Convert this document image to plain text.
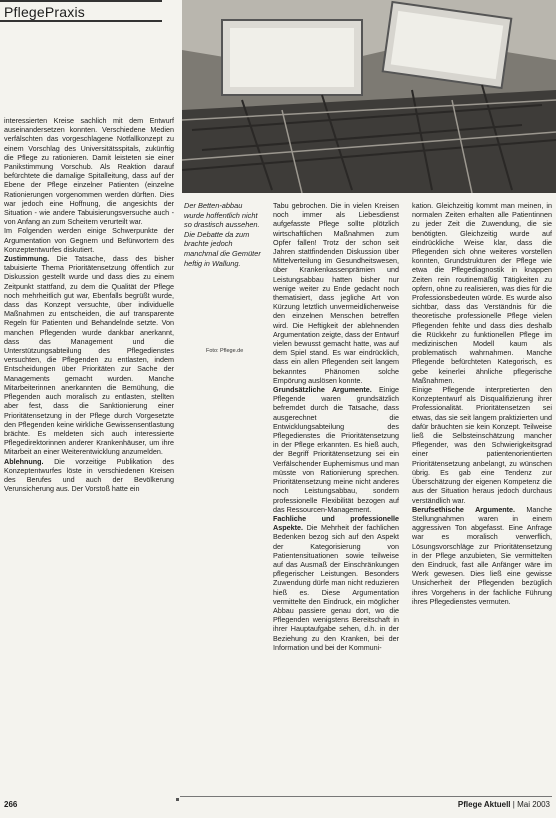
PflegePraxis
Der Betten-abbau wurde hoffentlich nicht so drastisch aussehen. Die Debatte da zum brachte jedoch manchmal die Gemüter heftig in Wallung.
Foto: Pflege.de

interessierten Kreise sachlich mit dem Entwurf auseinandersetzen konnten. Verschiedene Medien verfälschten das vorgeschlagene Notfallkonzept zu einem Vorschlag des Universitätsspitals, zukünftig die Pflege zu rationieren. Damit leisteten sie einer Panikstimmung Vorschub. Als Reaktion darauf befürchtete die damalige Spitalleitung, dass auf der Ebene der Pflege einzelner Patienten (einzelne Rationierungen vorgenommen werden dürften. Dies war jedoch eine Hoffnung, die angesichts der Situation - wie andere Tabuisierungsversuche auch - von Anfang an zum Scheitern verurteilt war.

Im Folgenden werden einige Schwerpunkte der Argumentation von Gegnern und Befürwortern des Konzeptentwurfes diskutiert.

Zustimmung. Die Tatsache, dass des bisher tabuisierte Thema Prioritätensetzung öffentlich zur Diskussion gestellt wurde und dass dies zu einem Zeitpunkt stattfand, zu dem die Qualität der Pflege noch mehrheitlich gut war, Ebenfalls begrüßt wurde, dass das Konzept versuchte, über individuelle Maßnahmen zu entscheiden, die auf transparente Regeln für Patienten und Behandelnde setzte. Von manchen Pflegenden wurde dankbar anerkannt, dass das Management und die Unterstützungsabteilung des Pflegedienstes versuchten, die Pflegenden zu entlasten, indem Entscheidungen über Prioritäten zur Sache der Managements gemacht wurden. Manche Mitarbeiterinnen anerkannten die Bemühung, die Pflegenden auch moralisch zu entlasten, stellten aber fest, dass die Sanktionierung einer Prioritätensetzung in der Pflege durch Vorgesetzte den Pflegenden keine wirkliche Gewissensentlastung brächte. Es meldeten sich auch interessierte Pflegedirektorinnen anderer Krankenhäuser, um ihre Mitarbeit an einer Weiterentwicklung anzumelden.

Ablehnung. Die vorzeitige Publikation des Konzeptentwurfes löste in verschiedenen Kreisen des Berufes und auch der Bevölkerung Verunsicherung aus. Der Vorstoß hatte ein

Tabu gebrochen. Die in vielen Kreisen noch immer als Liebesdienst aufgefasste Pflege sollte plötzlich wirtschaftlichen Maßnahmen zum Opfer fallen! Trotz der schon seit Jahren stattfindenden Diskussion über Mittelverteilung im Gesundheitswesen, über Krankenkassenprämien und Leistungsabbau hatten bisher nur wenige weiter zu Ende gedacht noch thematisiert, dass jegliche Art von Kürzung letztlich unvermeidlicherweise den einzelnen Menschen betreffen wird. Die Heftigkeit der ablehnenden Argumentation zeigte, dass der Entwurf vielen bewusst gemacht hatte, was auf dem Spiel stand. Es war eindrücklich, dass ein allen Pflegenden seit langem bekanntes Phänomen solche Empörung auslösen konnte.

Grundsätzliche Argumente. Einige Pflegende waren grundsätzlich befremdet durch die Tatsache, dass ausgerechnet die Entwicklungsabteilung des Pflegedienstes die Prioritätensetzung in der Pflege erkannten. Es hieß auch, der Begriff Prioritätensetzung sei ein Verfälschender Euphemismus und man müsste von Rationierung sprechen. Prioritätensetzung meine nicht anderes noch Leistungsabbau, sondern professionelle Flexibilität bezogen auf das Ressourcen-Management.

Fachliche und professionelle Aspekte. Die Mehrheit der fachlichen Bedenken bezog sich auf den Aspekt der Kategorisierung von Patientensituationen sowie teilweise auf das Ausmaß der Einschränkungen pflegerischer Leistungen. Besonders Zuwendung dürfe man nicht reduzieren hieß es. Diese Argumentation vermittelte den Eindruck, ein möglicher Abbau passiere genau dort, wo die Pflegenden wenigstens Bereitschaft in ihrer Hauptaufgabe sehen, d.h. in der Beziehung zu den Kranken, bei der Information und bei der Kommuni-

kation. Gleichzeitig kommt man meinen, in normalen Zeiten erhalten alle Patientinnen zu jeder Zeit die Zuwendung, die sie benötigten. Gleichzeitig wurde auf eindrückliche Weise klar, dass die Pflegenden sich ohne weiteres vorstellen konnten, Grundstrukturen der Pflege wie etwa die Pflegediagnostik in knappen Zeiten rein routinemäßig Tätigkeiten zu opfern, ohne zu realisieren, was dies für die Professionsbedeuten würde. Es wurde also sichtbar, dass das Verständnis für die theoretische professionelle Pflege vielen Pflegenden fehlte und dass dies deshalb die Rückkehr zu funktionellen Pflege im medizinischen Modell kaum als problematisch wahrnahmen. Manche Pflegende befürchteten Kategorisch, es gebe keinerlei ähnliche pflegerische Maßnahmen.

Einige Pflegende interpretierten den Konzeptentwurf als Disqualifizierung ihrer Professionalität. Prioritätensetzen sei etwas, das sie seit langem praktizierten und dafür bräuchten sie kein Konzept. Teilweise ließ die Selbsteinschätzung mancher Pflegender, was den Schwierigkeitsgrad einer patientenorientierten Prioritätensetzung anbelangt, zu wünschen übrig. Es gab eine Tendenz zur Überschätzung der eigenen Kompetenz die aus der Situation heraus jedoch durchaus verständlich war.

Berufsethische Argumente. Manche Stellungnahmen waren in einem aggressiven Ton abgefasst. Eine Anfrage war es moralisch verwerflich, Lösungsvorschläge zur Prioritätensetzung in der Pflege anzubieten, Sie vermittelten den Eindruck, fast alle Anfänger wäre im Werk gewesen. Dies ließ eine gewisse Unsicherheit der Pflegenden bezüglich ihres Vorgehens in der fachliche Führung ihres Pflegedienstes vermuten.

266	Pflege Aktuell | Mai 2003
